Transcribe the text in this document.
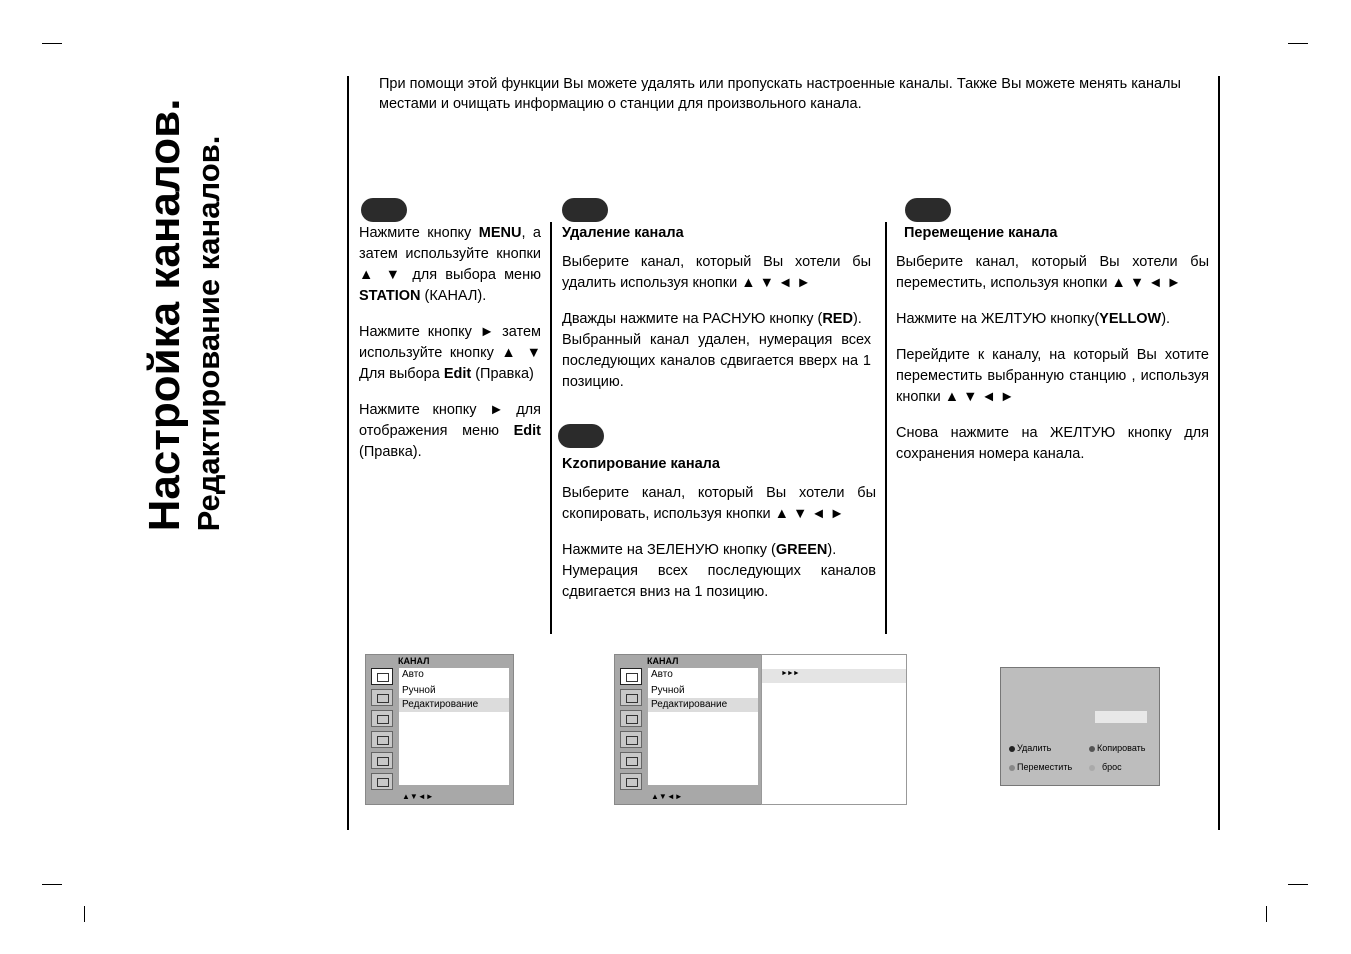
Настройка каналов. Редактирование каналов.
При помощи этой функции Вы можете удалять или пропускать настроенные каналы. Также Вы можете менять каналы местами и очищать информацию о станции для произвольного канала.

Нажмите кнопку MENU, а затем используйте кнопки ▲ ▼ для выбора меню STATION (КАНАЛ).

Нажмите кнопку ► затем используйте кнопку ▲ ▼ Для выбора Edit (Правка)

Нажмите кнопку ► для отображения меню Edit (Правка).

Удаление канала

Выберите канал, который Вы хотели бы удалить используя кнопки ▲ ▼ ◄ ►

Дважды нажмите на РАСНУЮ кнопку (RED).

Выбранный канал удален, нумерация всех последующих каналов сдвигается вверх на 1 позицию.

Kzопирование канала

Выберите канал, который Вы хотели бы скопировать, используя кнопки ▲ ▼ ◄ ►

Нажмите на ЗЕЛЕНУЮ кнопку (GREEN).

Нумерация всех последующих каналов сдвигается вниз на 1 позицию.

Перемещение канала

Выберите канал, который Вы хотели бы переместить, используя кнопки ▲ ▼ ◄ ►

Нажмите на ЖЕЛТУЮ кнопку(YELLOW).

Перейдите к каналу, на который Вы хотите переместить выбранную станцию , используя кнопки ▲ ▼ ◄ ►

Снова нажмите на ЖЕЛТУЮ кнопку для сохранения номера канала.

КАНАЛ
Авто
Ручной
Редактирование
▲▼◄►
КАНАЛ
Авто
Ручной
Редактирование
▲▼◄►
►►►
Удалить	Копировать
Переместить	брос
